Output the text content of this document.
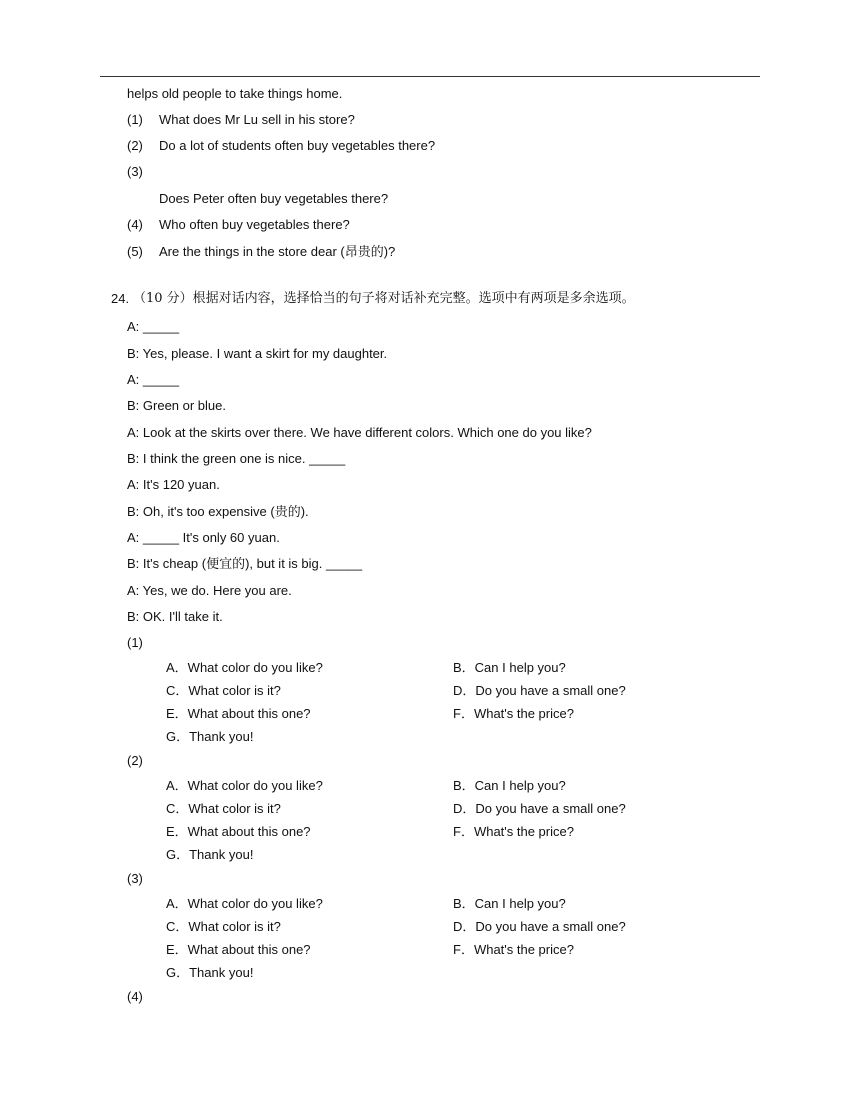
helps old people to take things home.
(1) What does Mr Lu sell in his store?
(2) Do a lot of students often buy vegetables there?
(3)
Does Peter often buy vegetables there?
(4) Who often buy vegetables there?
(5) Are the things in the store dear (昂贵的)?
24. （10 分）根据对话内容，选择恰当的句子将对话补充完整。选项中有两项是多余选项。
A: _____
B: Yes, please. I want a skirt for my daughter.
A: _____
B: Green or blue.
A: Look at the skirts over there. We have different colors. Which one do you like?
B: I think the green one is nice. _____
A: It's 120 yuan.
B: Oh, it's too expensive (贵的).
A: _____ It's only 60 yuan.
B: It's cheap (便宜的), but it is big. _____
A: Yes, we do. Here you are.
B: OK. I'll take it.
(1)
A．What color do you like?	B．Can I help you?
C．What color is it?	D．Do you have a small one?
E．What about this one?	F．What's the price?
G．Thank you!
(2)
A．What color do you like?	B．Can I help you?
C．What color is it?	D．Do you have a small one?
E．What about this one?	F．What's the price?
G．Thank you!
(3)
A．What color do you like?	B．Can I help you?
C．What color is it?	D．Do you have a small one?
E．What about this one?	F．What's the price?
G．Thank you!
(4)
